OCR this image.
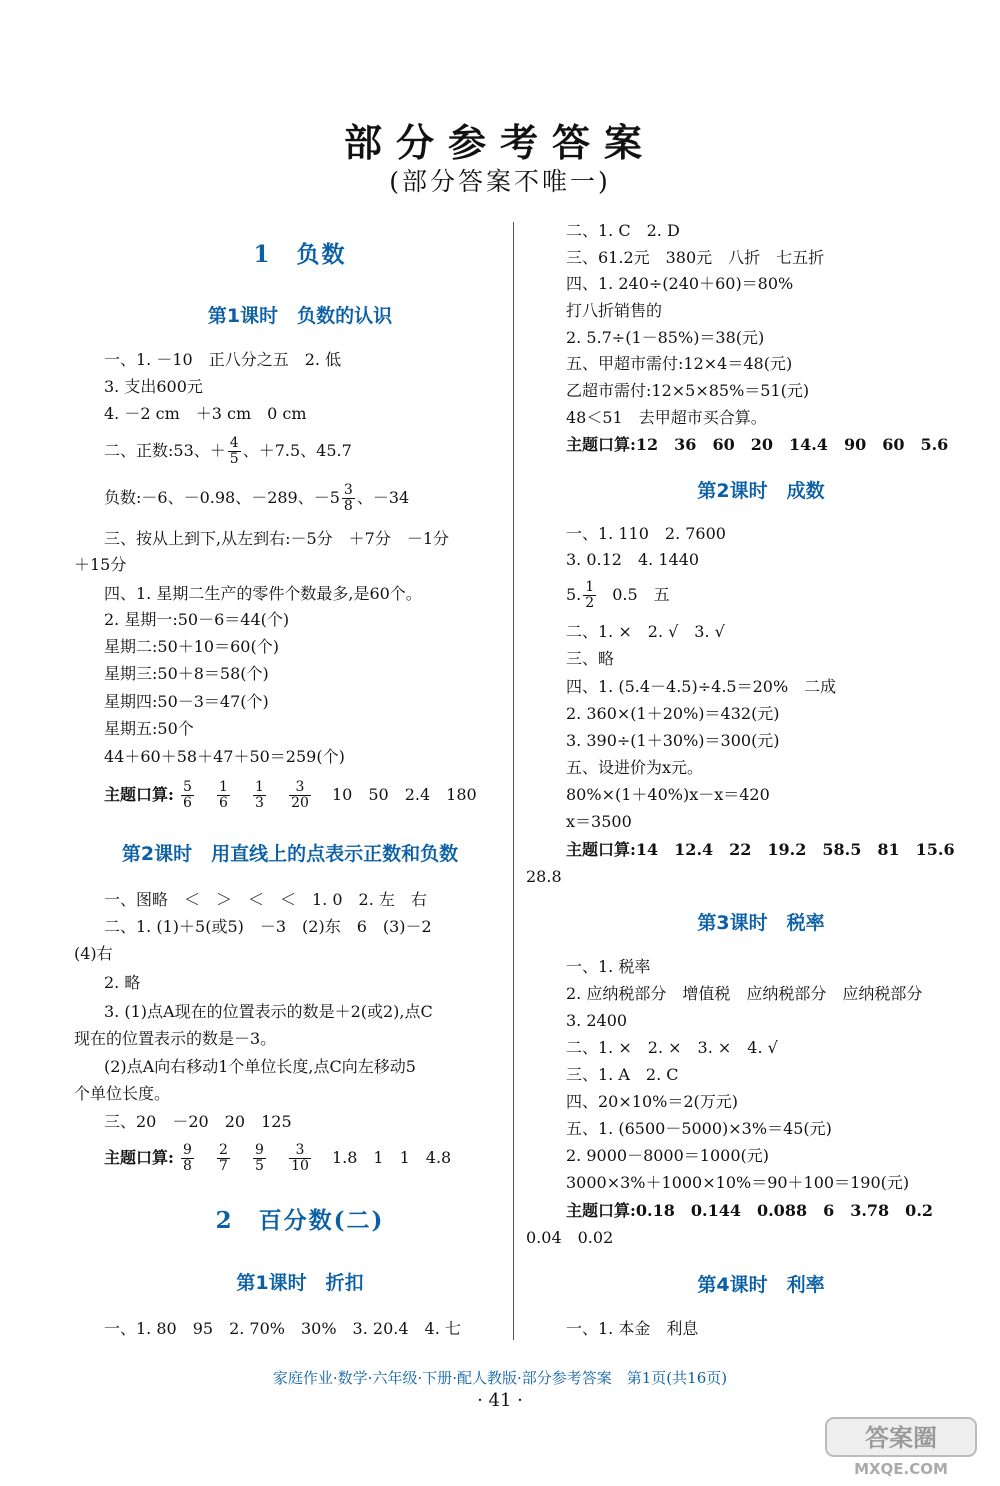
部分参考答案
(部分答案不唯一)
1　负数
第1课时　负数的认识
一、1. －10　正八分之五　2. 低
3. 支出600元
4. －2 cm　＋3 cm　0 cm
二、正数:53、＋ $\frac{4}{5}$ 、＋7.5、45.7
负数:－6、－0.98、－289、$-5 \frac{3}{8}$ 、－34
三、按从上到下,从左到右:－5分　＋7分　－1分
＋15分
四、1. 星期二生产的零件个数最多,是60个。
2. 星期一:50－6＝44(个)
星期二:50＋10＝60(个)
星期三:50＋8＝58(个)
星期四:50－3＝47(个)
星期五:50个
44＋60＋58＋47＋50＝259(个)
主题口算: $\frac{5}{6}$
$\frac{1}{6}$
$\frac{1}{3}$
$\frac{3}{20} 10$　50　2.4　180
第2课时　用直线上的点表示正数和负数
一、图略　＜　＞　＜　＜　1. 0　2. 左　右
二、1. (1)＋5(或5)　－3　(2)东　6　(3)－2
(4)右
2. 略
3. (1)点A现在的位置表示的数是＋2(或2),点C
现在的位置表示的数是－3。
(2)点A向右移动1个单位长度,点C向左移动5
个单位长度。
三、20　－20　20　125
主题口算: $\frac{9}{8}$
$\frac{2}{7}$
$\frac{9}{5}$
$\frac{3}{10} 1.8$　1　1　4.8
2　百分数(二)
第1课时　折扣
一、1. 80　95　2. 70%　30%　3. 20.4　4. 七
二、1. C　2. D
三、61.2元　380元　八折　七五折
四、1. 240÷(240＋60)＝80%
打八折销售的
2. 5.7÷(1－85%)＝38(元)
五、甲超市需付:12×4＝48(元)
乙超市需付:12×5×85%＝51(元)
48＜51　去甲超市买合算。
主题口算:12　36　60　20　14.4　90　60　5.6
第2课时　成数
一、1. 110　2. 7600
3. 0.12　4. 1440
5. $\frac{1}{2} 0.5$　五
二、1. ×　2. √　3. √
三、略
四、1. (5.4－4.5)÷4.5＝20%　二成
2. 360×(1＋20%)＝432(元)
3. 390÷(1＋30%)＝300(元)
五、设进价为x元。
80%×(1＋40%)x－x＝420
x＝3500
主题口算:14　12.4　22　19.2　58.5　81　15.6
28.8
第3课时　税率
一、1. 税率
2. 应纳税部分　增值税　应纳税部分　应纳税部分
3. 2400
二、1. ×　2. ×　3. ×　4. √
三、1. A　2. C
四、20×10%＝2(万元)
五、1. (6500－5000)×3%＝45(元)
2. 9000－8000＝1000(元)
3000×3%＋1000×10%＝90＋100＝190(元)
主题口算:0.18　0.144　0.088　6　3.78　0.2
0.04　0.02
第4课时　利率
一、1. 本金　利息
家庭作业·数学·六年级·下册·配人教版·部分参考答案　第1页(共16页)
· 41 ·
答案圈
MXQE.COM
